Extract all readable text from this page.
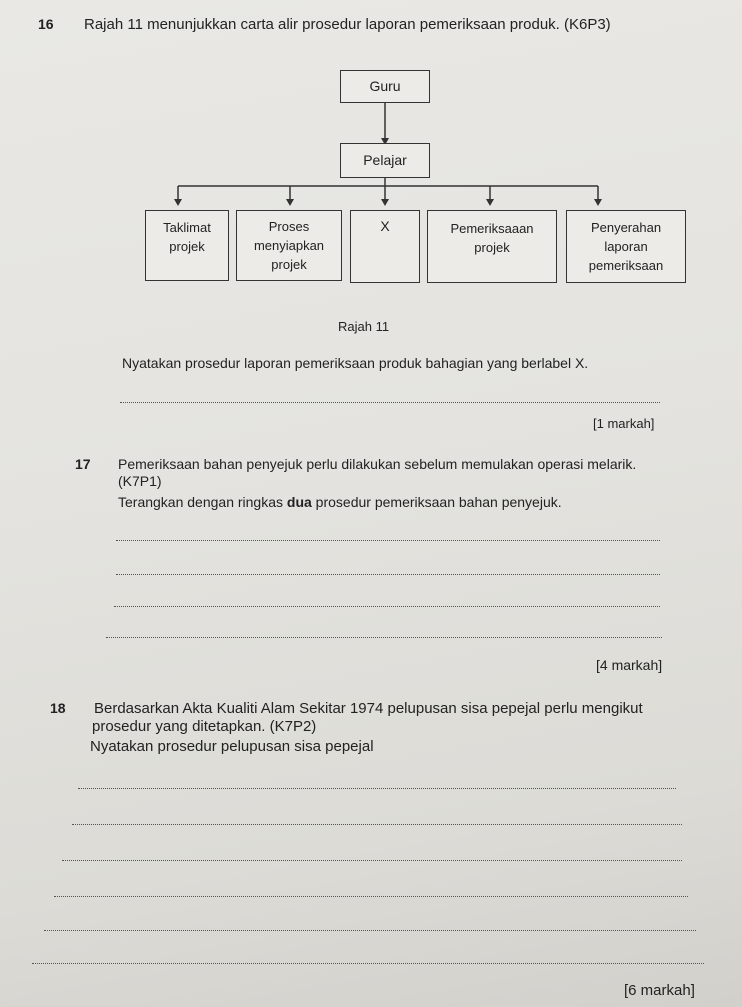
16 Rajah 11 menunjukkan carta alir prosedur laporan pemeriksaan produk. (K6P3)
Guru
Pelajar
Taklimat
projek
Proses
menyiapkan
projek
X	Pemeriksaaan
projek
Penyerahan
laporan
pemeriksaan
Rajah 11
Nyatakan prosedur laporan pemeriksaan produk bahagian yang berlabel X.
[1 markah]
17 Pemeriksaan bahan penyejuk perlu dilakukan sebelum memulakan operasi melarik.
(K7P1)
Terangkan dengan ringkas dua prosedur pemeriksaan bahan penyejuk.
[4 markah]
18 Berdasarkan Akta Kualiti Alam Sekitar 1974 pelupusan sisa pepejal perlu mengikut
prosedur yang ditetapkan. (K7P2)
Nyatakan prosedur pelupusan sisa pepejal
[6 markah]
